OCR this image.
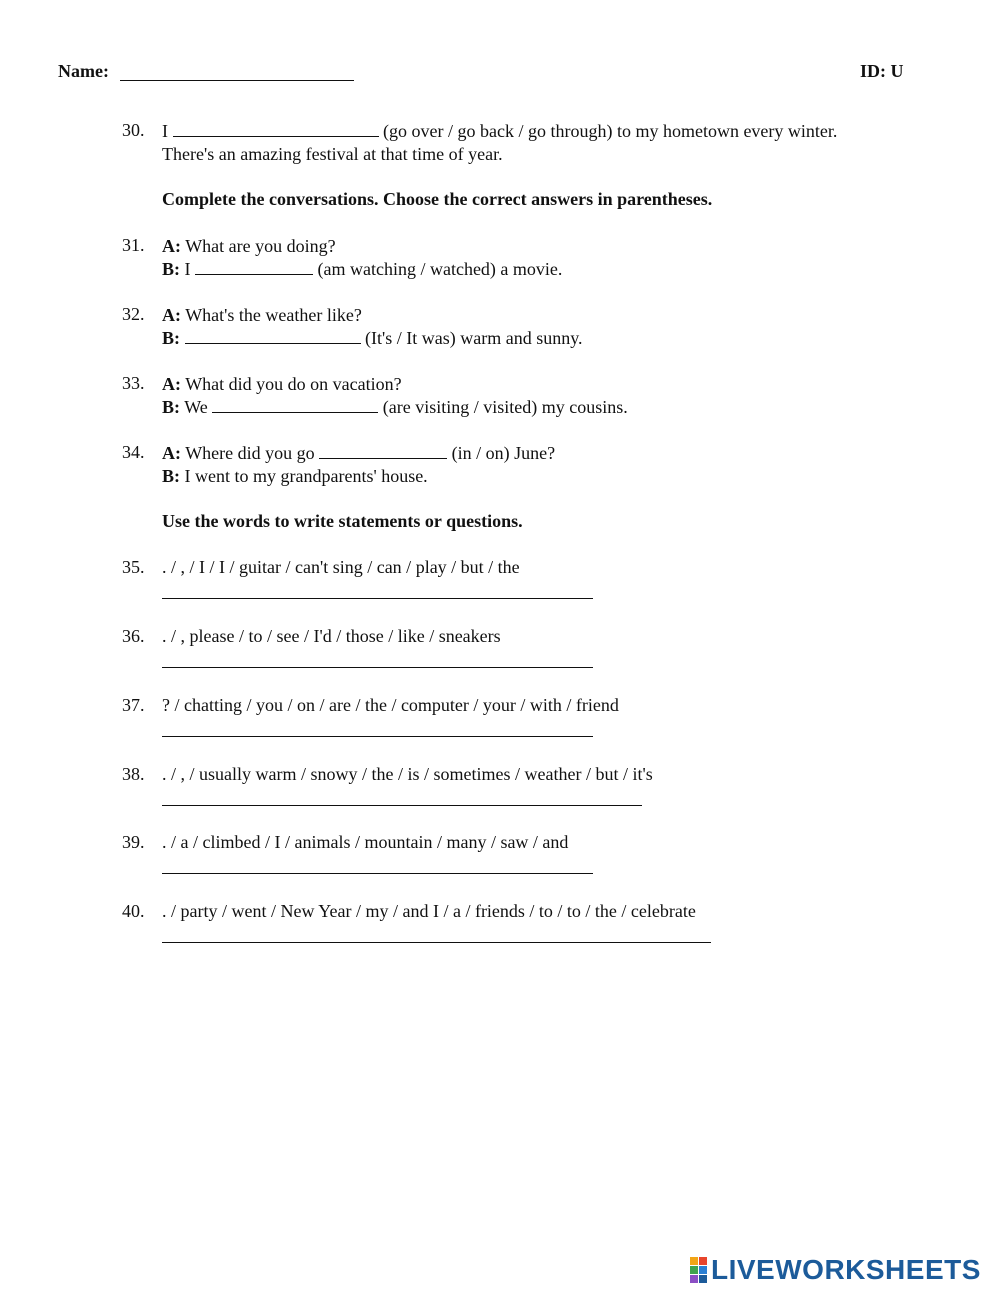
Name:	ID: U
30. I	(go over / go back / go through) to my hometown every winter.
There's an amazing festival at that time of year.
Complete the conversations. Choose the correct answers in parentheses.
31. A: What are you doing?
B: I	(am watching / watched) a movie.
32. A: What's the weather like?
B:	(It's / It was) warm and sunny.
33. A: What did you do on vacation?
B: We	(are visiting / visited) my cousins.
34. A: Where did you go	(in / on) June?
B: I went to my grandparents' house.
Use the words to write statements or questions.
35. . / , / I / I / guitar / can't sing / can / play / but / the
36. . / , please / to / see / I'd / those / like / sneakers
37. ? / chatting / you / on / are / the / computer / your / with / friend
38. . / , / usually warm / snowy / the / is / sometimes / weather / but / it's
39. . / a / climbed / I / animals / mountain / many / saw / and
40. . / party / went / New Year / my / and I / a / friends / to / to / the / celebrate
LIVEWORKSHEETS
